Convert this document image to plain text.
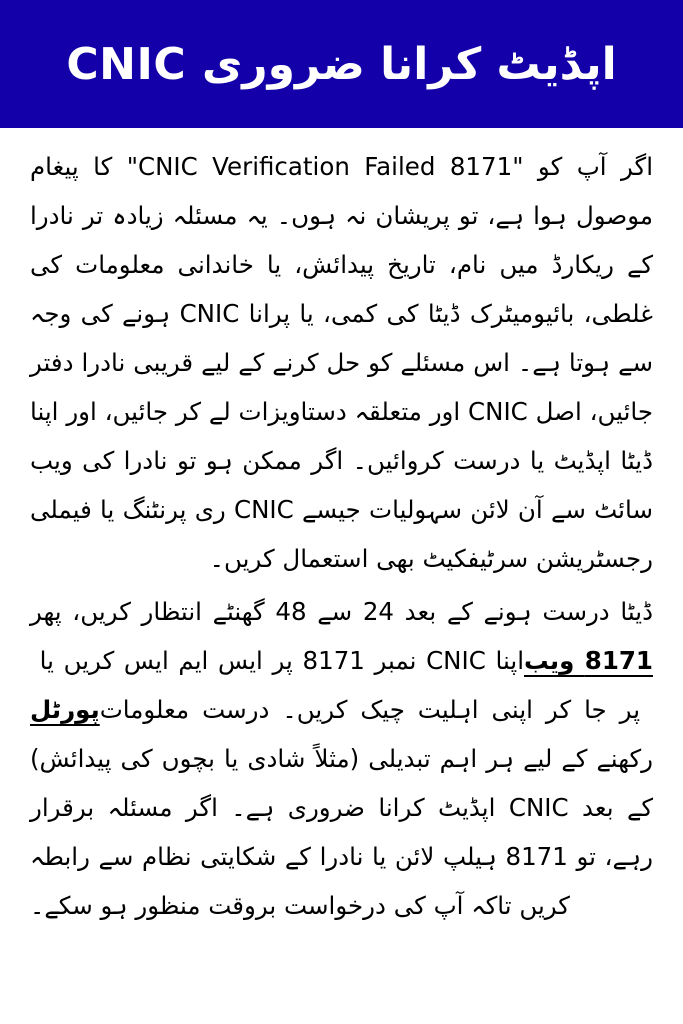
CNIC اپڈیٹ کرانا ضروری

اگر آپ کو "CNIC Verification Failed 8171" کا پیغام موصول ہوا ہے، تو پریشان نہ ہوں۔ یہ مسئلہ زیادہ تر نادرا کے ریکارڈ میں نام، تاریخ پیدائش، یا خاندانی معلومات کی غلطی، بائیومیٹرک ڈیٹا کی کمی، یا پرانا CNIC ہونے کی وجہ سے ہوتا ہے۔ اس مسئلے کو حل کرنے کے لیے قریبی نادرا دفتر جائیں، اصل CNIC اور متعلقہ دستاویزات لے کر جائیں، اور اپنا ڈیٹا اپڈیٹ یا درست کروائیں۔ اگر ممکن ہو تو نادرا کی ویب سائٹ سے آن لائن سہولیات جیسے CNIC ری پرنٹنگ یا فیملی رجسٹریشن سرٹیفکیٹ بھی استعمال کریں۔

ڈیٹا درست ہونے کے بعد 24 سے 48 گھنٹے انتظار کریں، پھر اپنا CNIC نمبر 8171 پر ایس ایم ایس کریں یا 8171 ویب پورٹل پر جا کر اپنی اہلیت چیک کریں۔ درست معلومات رکھنے کے لیے ہر اہم تبدیلی (مثلاً شادی یا بچوں کی پیدائش) کے بعد CNIC اپڈیٹ کرانا ضروری ہے۔ اگر مسئلہ برقرار رہے، تو 8171 ہیلپ لائن یا نادرا کے شکایتی نظام سے رابطہ کریں تاکہ آپ کی درخواست بروقت منظور ہو سکے۔
